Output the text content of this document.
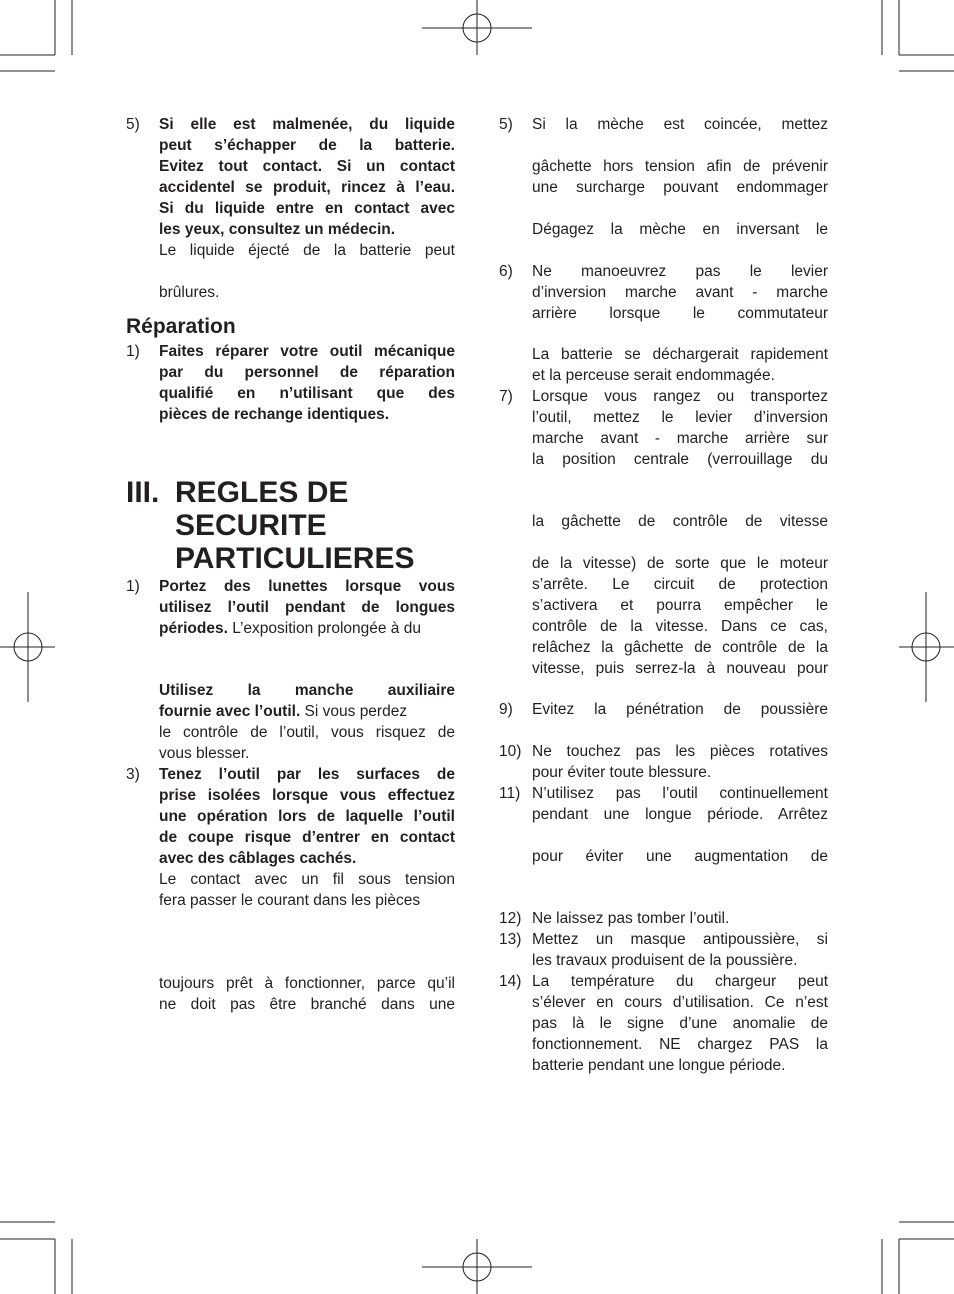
5) Si elle est malmenée, du liquide
peut s’échapper de la batterie.
Evitez tout contact. Si un contact
accidentel se produit, rincez à l’eau.
Si du liquide entre en contact avec
les yeux, consultez un médecin.
Le liquide éjecté de la batterie peut
brûlures.
Réparation
1) Faites réparer votre outil mécanique
par du personnel de réparation
qualifié en n’utilisant que des
pièces de rechange identiques.
III. REGLES DE
SECURITE
PARTICULIERES
1) Portez des lunettes lorsque vous
utilisez l’outil pendant de longues
périodes. L’exposition prolongée à du
Utilisez la manche auxiliaire
fournie avec l’outil. Si vous perdez
le contrôle de l’outil, vous risquez de
vous blesser.
3) Tenez l’outil par les surfaces de
prise isolées lorsque vous effectuez
une opération lors de laquelle l’outil
de coupe risque d’entrer en contact
avec des câblages cachés.
Le contact avec un fil sous tension
fera passer le courant dans les pièces
toujours prêt à fonctionner, parce qu’il
ne doit pas être branché dans une
5) Si la mèche est coincée, mettez
gâchette hors tension afin de prévenir
une surcharge pouvant endommager
Dégagez la mèche en inversant le
6) Ne manoeuvrez pas le levier
d’inversion marche avant - marche
arrière lorsque le commutateur
La batterie se déchargerait rapidement
et la perceuse serait endommagée.
7) Lorsque vous rangez ou transportez
l’outil, mettez le levier d’inversion
marche avant - marche arrière sur
la position centrale (verrouillage du
la gâchette de contrôle de vitesse
de la vitesse) de sorte que le moteur
s’arrête. Le circuit de protection
s’activera et pourra empêcher le
contrôle de la vitesse. Dans ce cas,
relâchez la gâchette de contrôle de la
vitesse, puis serrez-la à nouveau pour
9) Evitez la pénétration de poussière
10) Ne touchez pas les pièces rotatives
pour éviter toute blessure.
11) N’utilisez pas l’outil continuellement
pendant une longue période. Arrêtez
pour éviter une augmentation de
12) Ne laissez pas tomber l’outil.
13) Mettez un masque antipoussière, si
les travaux produisent de la poussière.
14) La température du chargeur peut
s’élever en cours d’utilisation. Ce n’est
pas là le signe d’une anomalie de
fonctionnement. NE chargez PAS la
batterie pendant une longue période.
